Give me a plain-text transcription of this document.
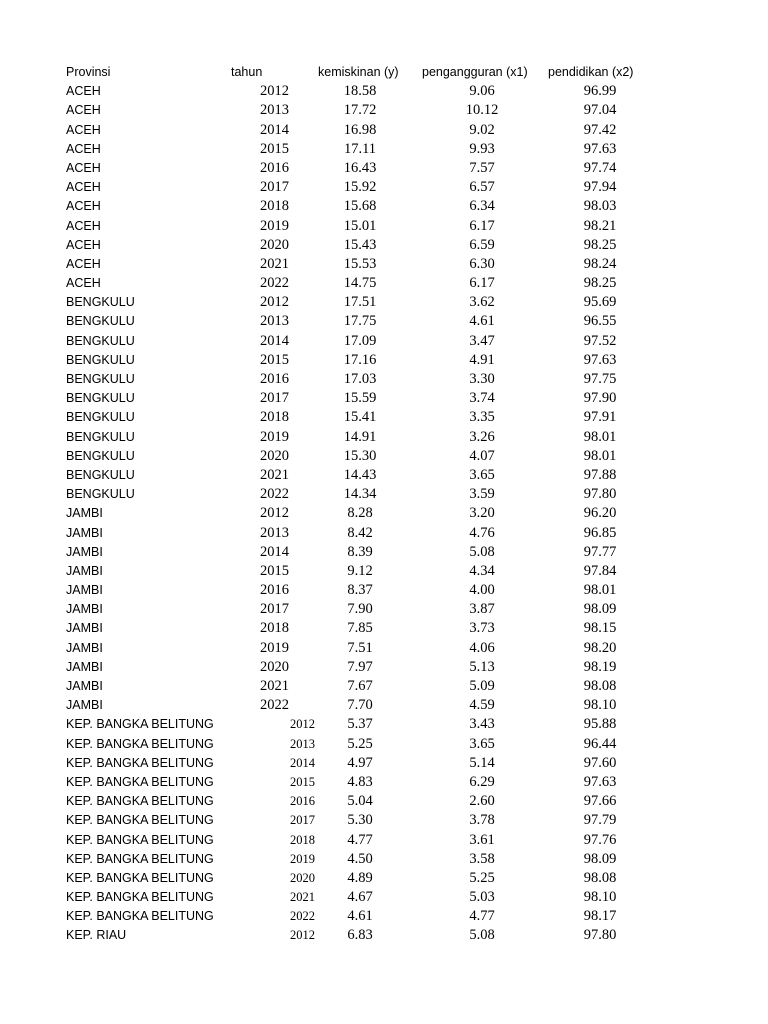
Provinsi	tahun	kemiskinan (y) pengangguran (x1) pendidikan (x2)
ACEH	2012	18.58	9.06	96.99
ACEH	2013	17.72	10.12	97.04
ACEH	2014	16.98	9.02	97.42
ACEH	2015	17.11	9.93	97.63
ACEH	2016	16.43	7.57	97.74
ACEH	2017	15.92	6.57	97.94
ACEH	2018	15.68	6.34	98.03
ACEH	2019	15.01	6.17	98.21
ACEH	2020	15.43	6.59	98.25
ACEH	2021	15.53	6.30	98.24
ACEH	2022	14.75	6.17	98.25
BENGKULU	2012	17.51	3.62	95.69
BENGKULU	2013	17.75	4.61	96.55
BENGKULU	2014	17.09	3.47	97.52
BENGKULU	2015	17.16	4.91	97.63
BENGKULU	2016	17.03	3.30	97.75
BENGKULU	2017	15.59	3.74	97.90
BENGKULU	2018	15.41	3.35	97.91
BENGKULU	2019	14.91	3.26	98.01
BENGKULU	2020	15.30	4.07	98.01
BENGKULU	2021	14.43	3.65	97.88
BENGKULU	2022	14.34	3.59	97.80
JAMBI	2012	8.28	3.20	96.20
JAMBI	2013	8.42	4.76	96.85
JAMBI	2014	8.39	5.08	97.77
JAMBI	2015	9.12	4.34	97.84
JAMBI	2016	8.37	4.00	98.01
JAMBI	2017	7.90	3.87	98.09
JAMBI	2018	7.85	3.73	98.15
JAMBI	2019	7.51	4.06	98.20
JAMBI	2020	7.97	5.13	98.19
JAMBI	2021	7.67	5.09	98.08
JAMBI	2022	7.70	4.59	98.10
KEP. BANGKA BELITUNG	2012	5.37	3.43	95.88
KEP. BANGKA BELITUNG	2013	5.25	3.65	96.44
KEP. BANGKA BELITUNG	2014	4.97	5.14	97.60
KEP. BANGKA BELITUNG	2015	4.83	6.29	97.63
KEP. BANGKA BELITUNG	2016	5.04	2.60	97.66
KEP. BANGKA BELITUNG	2017	5.30	3.78	97.79
KEP. BANGKA BELITUNG	2018	4.77	3.61	97.76
KEP. BANGKA BELITUNG	2019	4.50	3.58	98.09
KEP. BANGKA BELITUNG	2020	4.89	5.25	98.08
KEP. BANGKA BELITUNG	2021	4.67	5.03	98.10
KEP. BANGKA BELITUNG	2022	4.61	4.77	98.17
KEP. RIAU	2012	6.83	5.08	97.80
